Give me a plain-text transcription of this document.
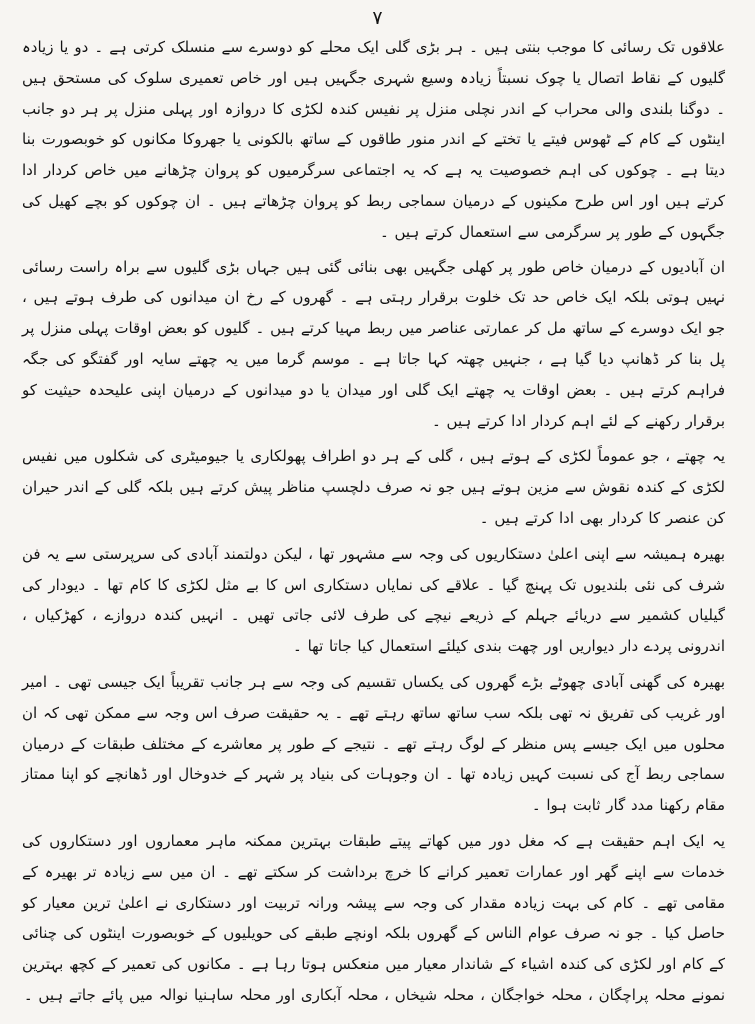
۷

علاقوں تک رسائی کا موجب بنتی ہیں ۔ ہر بڑی گلی ایک محلے کو دوسرے سے منسلک کرتی ہے ۔ دو یا زیادہ گلیوں کے نقاط اتصال یا چوک نسبتاً زیادہ وسیع شہری جگہیں ہیں اور خاص تعمیری سلوک کی مستحق ہیں ۔ دوگنا بلندی والی محراب کے اندر نچلی منزل پر نفیس کندہ لکڑی کا دروازہ اور پہلی منزل پر ہر دو جانب اینٹوں کے کام کے ٹھوس فیتے یا تختے کے اندر منور طاقوں کے ساتھ بالکونی یا جھروکا مکانوں کو خوبصورت بنا دیتا ہے ۔ چوکوں کی اہم خصوصیت یہ ہے کہ یہ اجتماعی سرگرمیوں کو پروان چڑھانے میں خاص کردار ادا کرتے ہیں اور اس طرح مکینوں کے درمیان سماجی ربط کو پروان چڑھاتے ہیں ۔ ان چوکوں کو بچے کھیل کی جگہوں کے طور پر سرگرمی سے استعمال کرتے ہیں ۔

ان آبادیوں کے درمیان خاص طور پر کھلی جگہیں بھی بنائی گئی ہیں جہاں بڑی گلیوں سے براہ راست رسائی نہیں ہوتی بلکہ ایک خاص حد تک خلوت برقرار رہتی ہے ۔ گھروں کے رخ ان میدانوں کی طرف ہوتے ہیں ، جو ایک دوسرے کے ساتھ مل کر عمارتی عناصر میں ربط مہیا کرتے ہیں ۔ گلیوں کو بعض اوقات پہلی منزل پر پل بنا کر ڈھانپ دیا گیا ہے ، جنہیں چھتہ کہا جاتا ہے ۔ موسم گرما میں یہ چھتے سایہ اور گفتگو کی جگہ فراہم کرتے ہیں ۔ بعض اوقات یہ چھتے ایک گلی اور میدان یا دو میدانوں کے درمیان اپنی علیحدہ حیثیت کو برقرار رکھنے کے لئے اہم کردار ادا کرتے ہیں ۔

یہ چھتے ، جو عموماً لکڑی کے ہوتے ہیں ، گلی کے ہر دو اطراف پھولکاری یا جیومیٹری کی شکلوں میں نفیس لکڑی کے کندہ نقوش سے مزین ہوتے ہیں جو نہ صرف دلچسپ مناظر پیش کرتے ہیں بلکہ گلی کے اندر حیران کن عنصر کا کردار بھی ادا کرتے ہیں ۔

بھیرہ ہمیشہ سے اپنی اعلیٰ دستکاریوں کی وجہ سے مشہور تھا ، لیکن دولتمند آبادی کی سرپرستی سے یہ فن شرف کی نئی بلندیوں تک پہنچ گیا ۔ علاقے کی نمایاں دستکاری اس کا بے مثل لکڑی کا کام تھا ۔ دیودار کی گیلیاں کشمیر سے دریائے جہلم کے ذریعے نیچے کی طرف لائی جاتی تھیں ۔ انہیں کندہ دروازے ، کھڑکیاں ، اندرونی پردے دار دیواریں اور چھت بندی کیلئے استعمال کیا جاتا تھا ۔

بھیرہ کی گھنی آبادی چھوٹے بڑے گھروں کی یکساں تقسیم کی وجہ سے ہر جانب تقریباً ایک جیسی تھی ۔ امیر اور غریب کی تفریق نہ تھی بلکہ سب ساتھ ساتھ رہتے تھے ۔ یہ حقیقت صرف اس وجہ سے ممکن تھی کہ ان محلوں میں ایک جیسے پس منظر کے لوگ رہتے تھے ۔ نتیجے کے طور پر معاشرے کے مختلف طبقات کے درمیان سماجی ربط آج کی نسبت کہیں زیادہ تھا ۔ ان وجوہات کی بنیاد پر شہر کے خدوخال اور ڈھانچے کو اپنا ممتاز مقام رکھنا مدد گار ثابت ہوا ۔

یہ ایک اہم حقیقت ہے کہ مغل دور میں کھاتے پیتے طبقات بہترین ممکنہ ماہر معماروں اور دستکاروں کی خدمات سے اپنے گھر اور عمارات تعمیر کرانے کا خرچ برداشت کر سکتے تھے ۔ ان میں سے زیادہ تر بھیرہ کے مقامی تھے ۔ کام کی بہت زیادہ مقدار کی وجہ سے پیشہ ورانہ تربیت اور دستکاری نے اعلیٰ ترین معیار کو حاصل کیا ۔ جو نہ صرف عوام الناس کے گھروں بلکہ اونچے طبقے کی حویلیوں کے خوبصورت اینٹوں کی چنائی کے کام اور لکڑی کی کندہ اشیاء کے شاندار معیار میں منعکس ہوتا رہا ہے ۔ مکانوں کی تعمیر کے کچھ بہترین نمونے محلہ پراچگان ، محلہ خواجگان ، محلہ شیخاں ، محلہ آبکاری اور محلہ ساہنیا نوالہ میں پائے جاتے ہیں ۔
